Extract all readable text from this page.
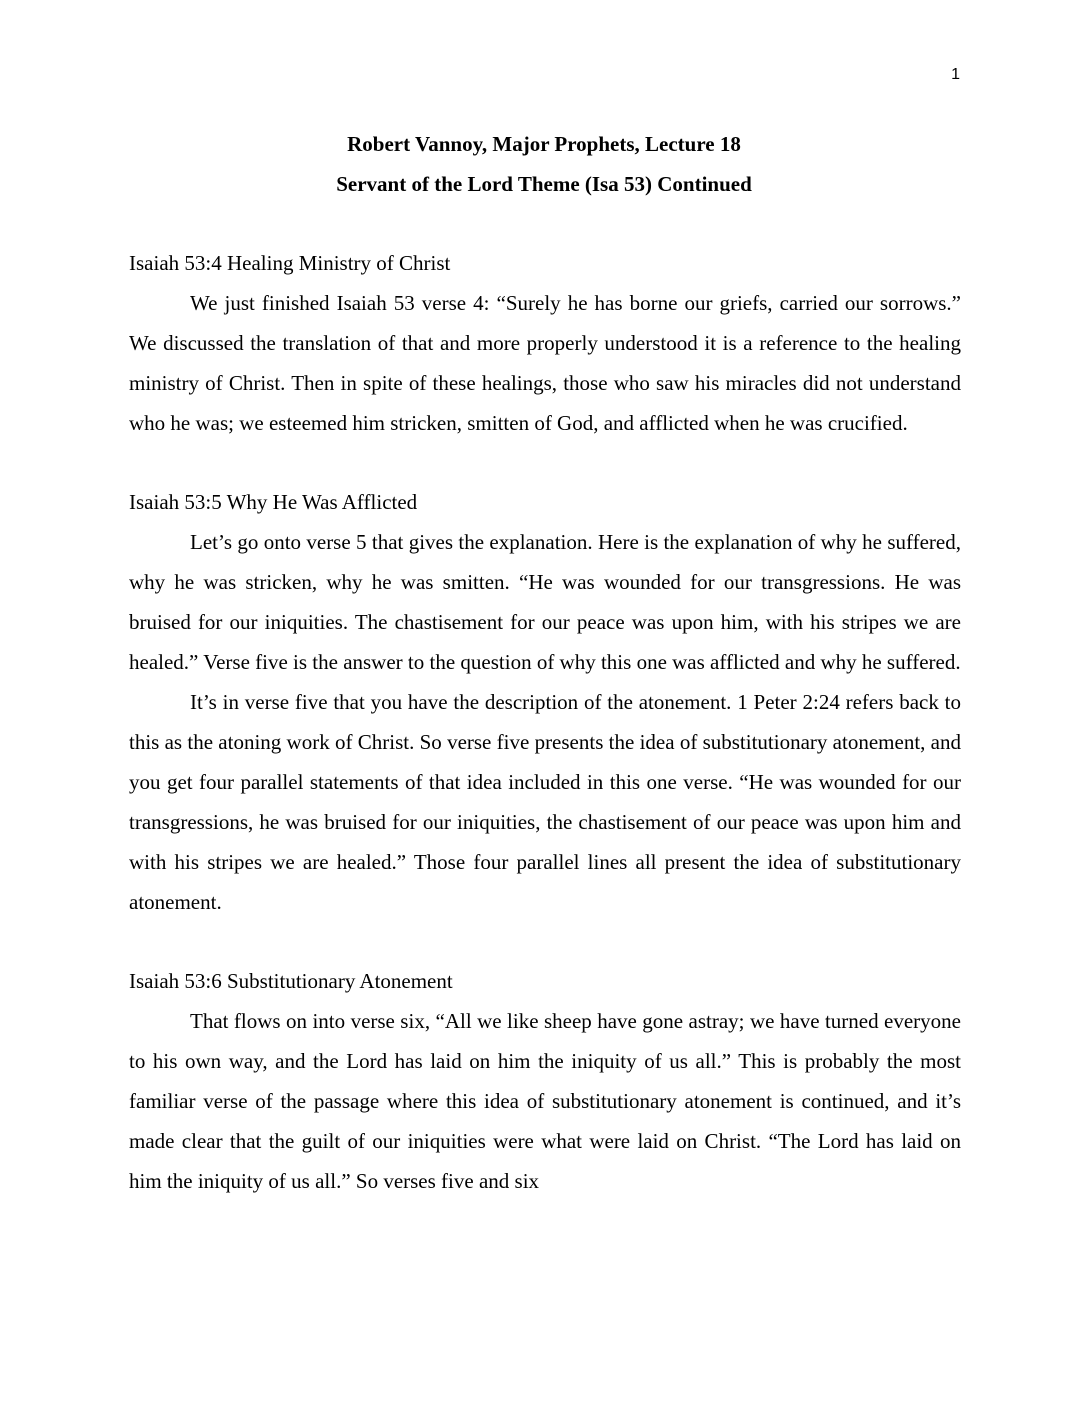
1
Robert Vannoy, Major Prophets, Lecture 18
Servant of the Lord Theme (Isa 53) Continued
Isaiah 53:4 Healing Ministry of Christ

We just finished Isaiah 53 verse 4: “Surely he has borne our griefs, carried our sorrows.” We discussed the translation of that and more properly understood it is a reference to the healing ministry of Christ. Then in spite of these healings, those who saw his miracles did not understand who he was; we esteemed him stricken, smitten of God, and afflicted when he was crucified.

Isaiah 53:5 Why He Was Afflicted

Let’s go onto verse 5 that gives the explanation. Here is the explanation of why he suffered, why he was stricken, why he was smitten. “He was wounded for our transgressions. He was bruised for our iniquities. The chastisement for our peace was upon him, with his stripes we are healed.” Verse five is the answer to the question of why this one was afflicted and why he suffered.

It’s in verse five that you have the description of the atonement. 1 Peter 2:24 refers back to this as the atoning work of Christ. So verse five presents the idea of substitutionary atonement, and you get four parallel statements of that idea included in this one verse. “He was wounded for our transgressions, he was bruised for our iniquities, the chastisement of our peace was upon him and with his stripes we are healed.” Those four parallel lines all present the idea of substitutionary atonement.

Isaiah 53:6 Substitutionary Atonement

That flows on into verse six, “All we like sheep have gone astray; we have turned everyone to his own way, and the Lord has laid on him the iniquity of us all.” This is probably the most familiar verse of the passage where this idea of substitutionary atonement is continued, and it’s made clear that the guilt of our iniquities were what were laid on Christ. “The Lord has laid on him the iniquity of us all.” So verses five and six
